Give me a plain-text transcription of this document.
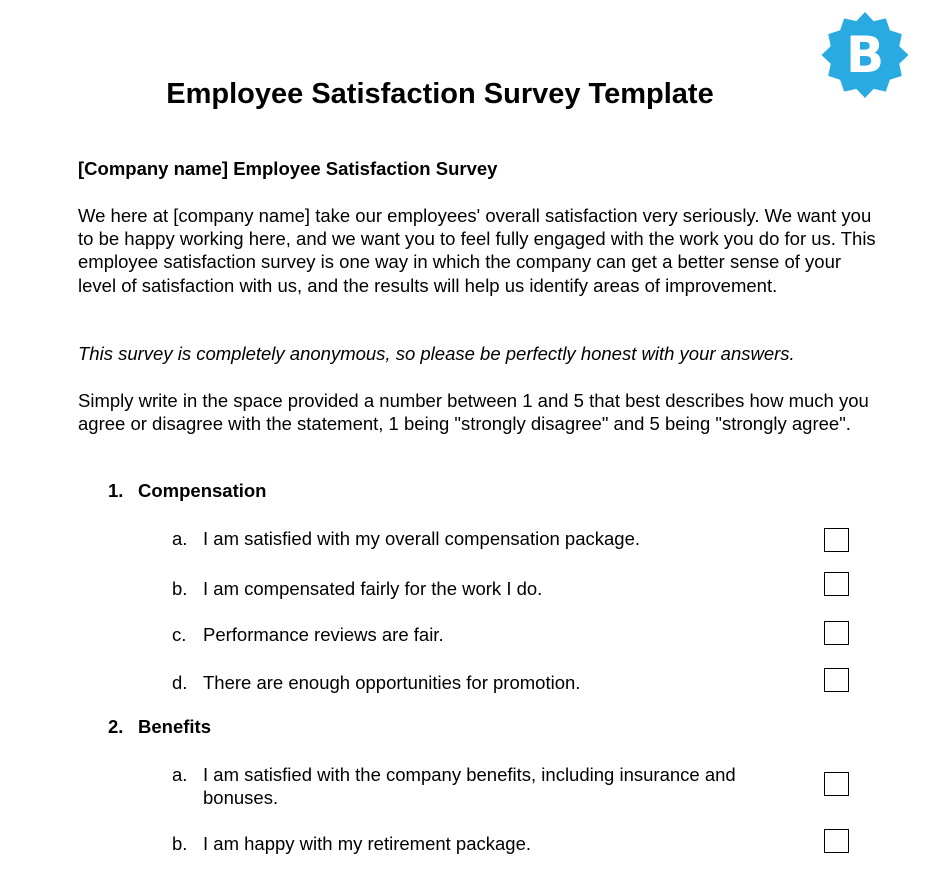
B
Employee Satisfaction Survey Template
[Company name] Employee Satisfaction Survey

We here at [company name] take our employees' overall satisfaction very seriously. We want you to be happy working here, and we want you to feel fully engaged with the work you do for us. This employee satisfaction survey is one way in which the company can get a better sense of your level of satisfaction with us, and the results will help us identify areas of improvement.

This survey is completely anonymous, so please be perfectly honest with your answers.

Simply write in the space provided a number between 1 and 5 that best describes how much you agree or disagree with the statement, 1 being "strongly disagree" and 5 being "strongly agree".

1. Compensation
a. I am satisfied with my overall compensation package.
b. I am compensated fairly for the work I do.
c. Performance reviews are fair.
d. There are enough opportunities for promotion.
2. Benefits
a. I am satisfied with the company benefits, including insurance and bonuses.
b. I am happy with my retirement package.
